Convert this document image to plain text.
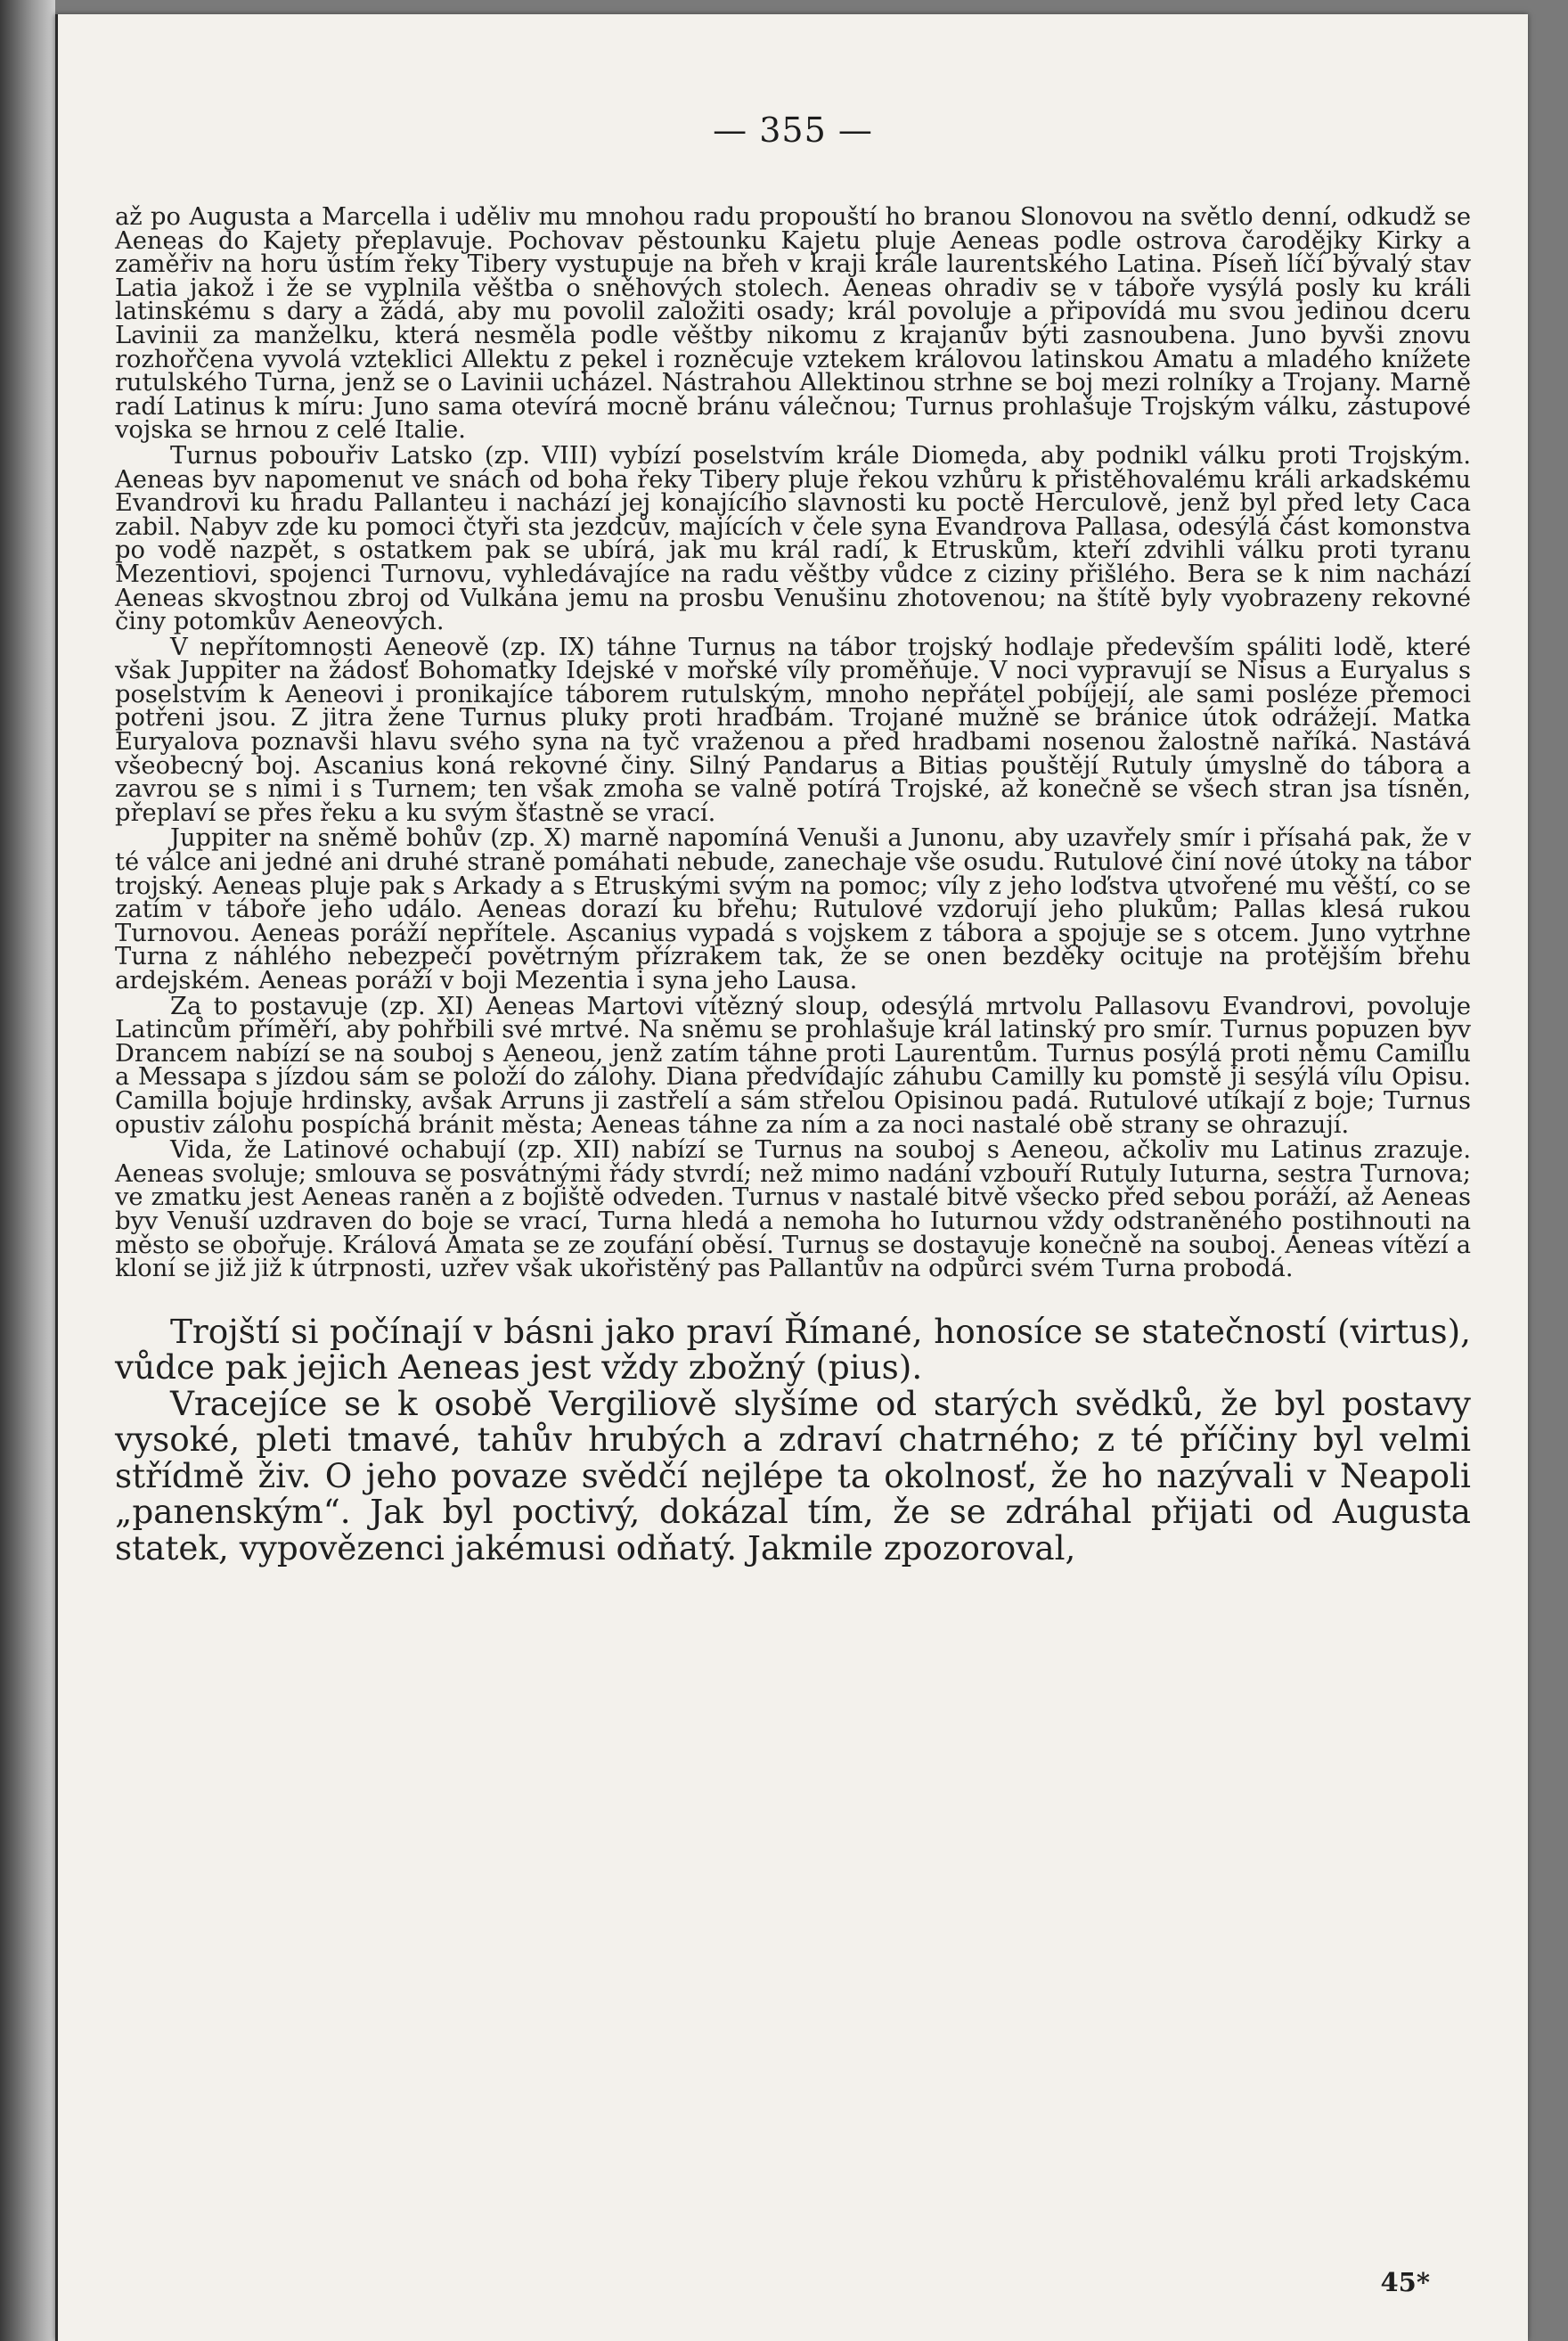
— 355 —

až po Augusta a Marcella i uděliv mu mnohou radu propouští ho branou Slonovou na světlo denní, odkudž se Aeneas do Kajety přeplavuje. Pochovav pěstounku Kajetu pluje Aeneas podle ostrova čarodějky Kirky a zaměřiv na horu ústím řeky Tibery vystupuje na břeh v kraji krále laurentského Latina. Píseň líčí bývalý stav Latia jakož i že se vyplnila věštba o sněhových stolech. Aeneas ohradiv se v táboře vysýlá posly ku králi latinskému s dary a žádá, aby mu povolil založiti osady; král povoluje a připovídá mu svou jedinou dceru Lavinii za manželku, která nesměla podle věštby nikomu z krajanův býti zasnoubena. Juno byvši znovu rozhořčena vyvolá vzteklici Allektu z pekel i rozněcuje vztekem královou latinskou Amatu a mladého knížete rutulského Turna, jenž se o Lavinii ucházel. Nástrahou Allektinou strhne se boj mezi rolníky a Trojany. Marně radí Latinus k míru: Juno sama otevírá mocně bránu válečnou; Turnus prohlašuje Trojským válku, zástupové vojska se hrnou z celé Italie.

Turnus pobouřiv Latsko (zp. VIII) vybízí poselstvím krále Diomeda, aby podnikl válku proti Trojským. Aeneas byv napomenut ve snách od boha řeky Tibery pluje řekou vzhůru k přistěhovalému králi arkadskému Evandrovi ku hradu Pallanteu i nachází jej konajícího slavnosti ku poctě Herculově, jenž byl před lety Caca zabil. Nabyv zde ku pomoci čtyři sta jezdcův, majících v čele syna Evandrova Pallasa, odesýlá část komonstva po vodě nazpět, s ostatkem pak se ubírá, jak mu král radí, k Etruskům, kteří zdvihli válku proti tyranu Mezentiovi, spojenci Turnovu, vyhledávajíce na radu věštby vůdce z ciziny přišlého. Bera se k nim nachází Aeneas skvostnou zbroj od Vulkána jemu na prosbu Venušinu zhotovenou; na štítě byly vyobrazeny rekovné činy potomkův Aeneových.

V nepřítomnosti Aeneově (zp. IX) táhne Turnus na tábor trojský hodlaje především spáliti lodě, které však Juppiter na žádosť Bohomatky Idejské v mořské víly proměňuje. V noci vypravují se Nisus a Euryalus s poselstvím k Aeneovi i pronikajíce táborem rutulským, mnoho nepřátel pobíjejí, ale sami posléze přemoci potřeni jsou. Z jitra žene Turnus pluky proti hradbám. Trojané mužně se bránice útok odrážejí. Matka Euryalova poznavši hlavu svého syna na tyč vraženou a před hradbami nosenou žalostně naříká. Nastává všeobecný boj. Ascanius koná rekovné činy. Silný Pandarus a Bitias pouštějí Rutuly úmyslně do tábora a zavrou se s nimi i s Turnem; ten však zmoha se valně potírá Trojské, až konečně se všech stran jsa tísněn, přeplaví se přes řeku a ku svým šťastně se vrací.

Juppiter na sněmě bohův (zp. X) marně napomíná Venuši a Junonu, aby uzavřely smír i přísahá pak, že v té válce ani jedné ani druhé straně pomáhati nebude, zanechaje vše osudu. Rutulové činí nové útoky na tábor trojský. Aeneas pluje pak s Arkady a s Etruskými svým na pomoc; víly z jeho loďstva utvořené mu věští, co se zatím v táboře jeho událo. Aeneas dorazí ku břehu; Rutulové vzdorují jeho plukům; Pallas klesá rukou Turnovou. Aeneas poráží nepřítele. Ascanius vypadá s vojskem z tábora a spojuje se s otcem. Juno vytrhne Turna z náhlého nebezpečí povětrným přízrakem tak, že se onen bezděky ocituje na protějším břehu ardejském. Aeneas poráží v boji Mezentia i syna jeho Lausa.

Za to postavuje (zp. XI) Aeneas Martovi vítězný sloup, odesýlá mrtvolu Pallasovu Evandrovi, povoluje Latincům příměří, aby pohřbili své mrtvé. Na sněmu se prohlašuje král latinský pro smír. Turnus popuzen byv Drancem nabízí se na souboj s Aeneou, jenž zatím táhne proti Laurentům. Turnus posýlá proti němu Camillu a Messapa s jízdou sám se položí do zálohy. Diana předvídajíc záhubu Camilly ku pomstě ji sesýlá vílu Opisu. Camilla bojuje hrdinsky, avšak Arruns ji zastřelí a sám střelou Opisinou padá. Rutulové utíkají z boje; Turnus opustiv zálohu pospíchá bránit města; Aeneas táhne za ním a za noci nastalé obě strany se ohrazují.

Vida, že Latinové ochabují (zp. XII) nabízí se Turnus na souboj s Aeneou, ačkoliv mu Latinus zrazuje. Aeneas svoluje; smlouva se posvátnými řády stvrdí; než mimo nadání vzbouří Rutuly Iuturna, sestra Turnova; ve zmatku jest Aeneas raněn a z bojiště odveden. Turnus v nastalé bitvě všecko před sebou poráží, až Aeneas byv Venuší uzdraven do boje se vrací, Turna hledá a nemoha ho Iuturnou vždy odstraněného postihnouti na město se obořuje. Králová Amata se ze zoufání oběsí. Turnus se dostavuje konečně na souboj. Aeneas vítězí a kloní se již již k útrpnosti, uzřev však ukořistěný pas Pallantův na odpůrci svém Turna probodá.

Trojští si počínají v básni jako praví Římané, honosíce se statečností (virtus), vůdce pak jejich Aeneas jest vždy zbožný (pius).

Vracejíce se k osobě Vergiliově slyšíme od starých svědků, že byl postavy vysoké, pleti tmavé, tahův hrubých a zdraví chatrného; z té příčiny byl velmi střídmě živ. O jeho povaze svědčí nejlépe ta okolnosť, že ho nazývali v Neapoli „panenským“. Jak byl poctivý, dokázal tím, že se zdráhal přijati od Augusta statek, vypovězenci jakémusi odňatý. Jakmile zpozoroval,

45*
